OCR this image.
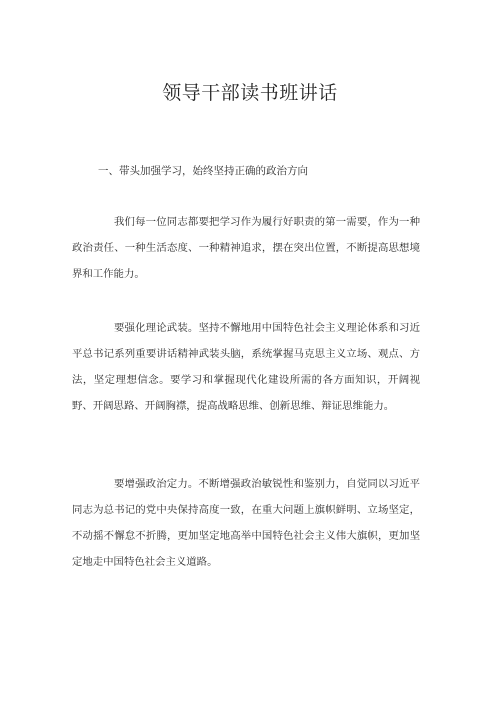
领导干部读书班讲话

一、带头加强学习，始终坚持正确的政治方向

我们每一位同志都要把学习作为履行好职责的第一需要，作为一种政治责任、一种生活态度、一种精神追求，摆在突出位置，不断提高思想境界和工作能力。

要强化理论武装。坚持不懈地用中国特色社会主义理论体系和习近平总书记系列重要讲话精神武装头脑，系统掌握马克思主义立场、观点、方法，坚定理想信念。要学习和掌握现代化建设所需的各方面知识，开阔视野、开阔思路、开阔胸襟，提高战略思维、创新思维、辩证思维能力。

要增强政治定力。不断增强政治敏锐性和鉴别力，自觉同以习近平同志为总书记的党中央保持高度一致，在重大问题上旗帜鲜明、立场坚定，不动摇不懈怠不折腾，更加坚定地高举中国特色社会主义伟大旗帜，更加坚定地走中国特色社会主义道路。
